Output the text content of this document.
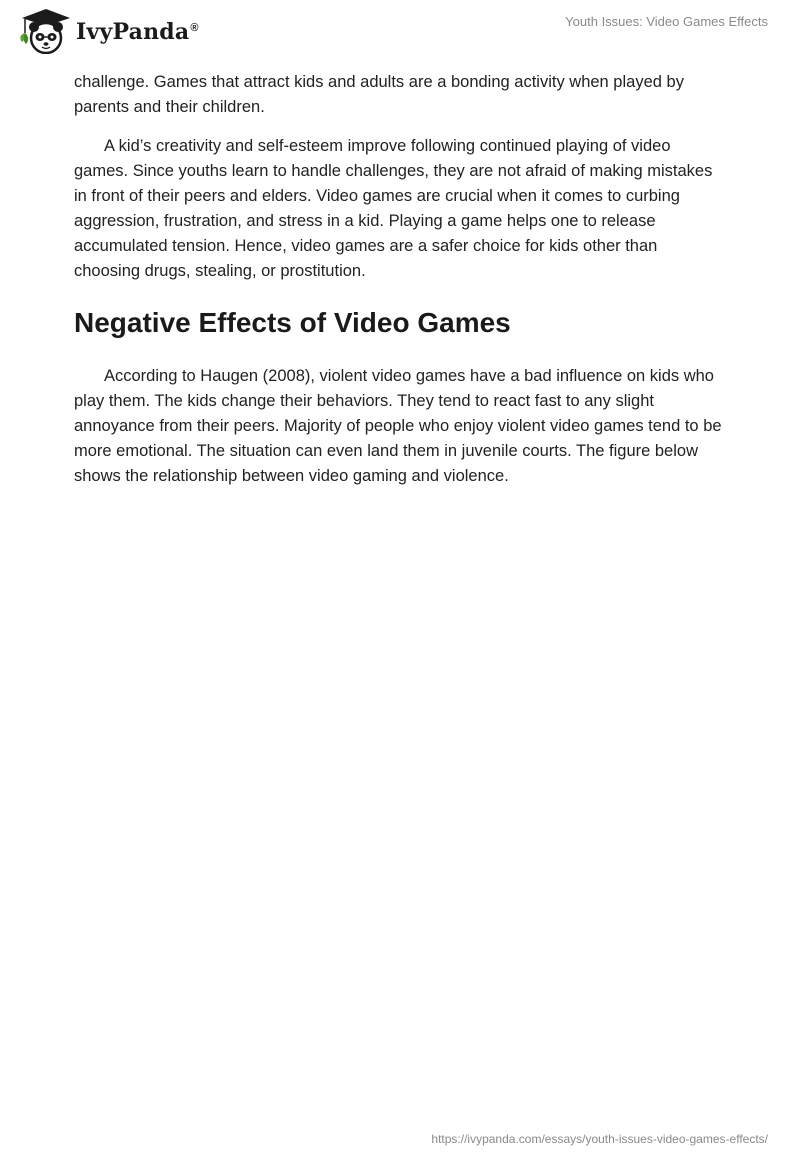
IvyPanda®	Youth Issues: Video Games Effects

challenge. Games that attract kids and adults are a bonding activity when played by parents and their children.

A kid’s creativity and self-esteem improve following continued playing of video games. Since youths learn to handle challenges, they are not afraid of making mistakes in front of their peers and elders. Video games are crucial when it comes to curbing aggression, frustration, and stress in a kid. Playing a game helps one to release accumulated tension. Hence, video games are a safer choice for kids other than choosing drugs, stealing, or prostitution.

Negative Effects of Video Games

According to Haugen (2008), violent video games have a bad influence on kids who play them. The kids change their behaviors. They tend to react fast to any slight annoyance from their peers. Majority of people who enjoy violent video games tend to be more emotional. The situation can even land them in juvenile courts. The figure below shows the relationship between video gaming and violence.

https://ivypanda.com/essays/youth-issues-video-games-effects/
